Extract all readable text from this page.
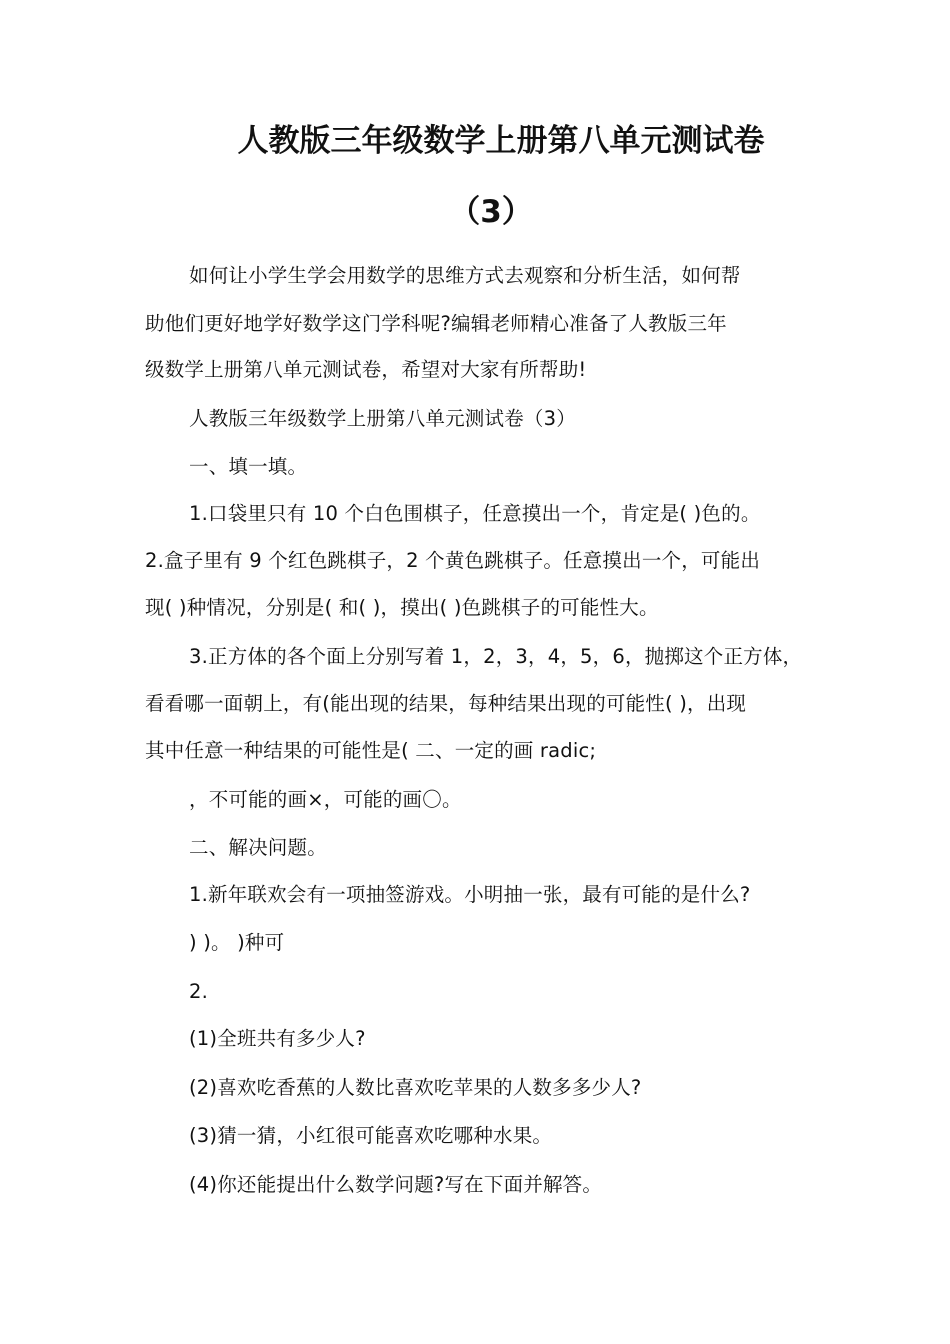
人教版三年级数学上册第八单元测试卷
（3）
如何让小学生学会用数学的思维方式去观察和分析生活，如何帮
助他们更好地学好数学这门学科呢?编辑老师精心准备了人教版三年
级数学上册第八单元测试卷，希望对大家有所帮助!
人教版三年级数学上册第八单元测试卷（3）
一、填一填。
1.口袋里只有 10 个白色围棋子，任意摸出一个，肯定是( )色的。
2.盒子里有 9 个红色跳棋子，2 个黄色跳棋子。任意摸出一个，可能出
现( )种情况，分别是( 和( )，摸出( )色跳棋子的可能性大。
3.正方体的各个面上分别写着 1，2，3，4，5，6，抛掷这个正方体，
看看哪一面朝上，有(能出现的结果，每种结果出现的可能性( )，出现
其中任意一种结果的可能性是( 二、一定的画 radic;
，不可能的画×，可能的画〇。
二、解决问题。
1.新年联欢会有一项抽签游戏。小明抽一张，最有可能的是什么?
) )。 )种可
2.
(1)全班共有多少人?
(2)喜欢吃香蕉的人数比喜欢吃苹果的人数多多少人?
(3)猜一猜，小红很可能喜欢吃哪种水果。
(4)你还能提出什么数学问题?写在下面并解答。
